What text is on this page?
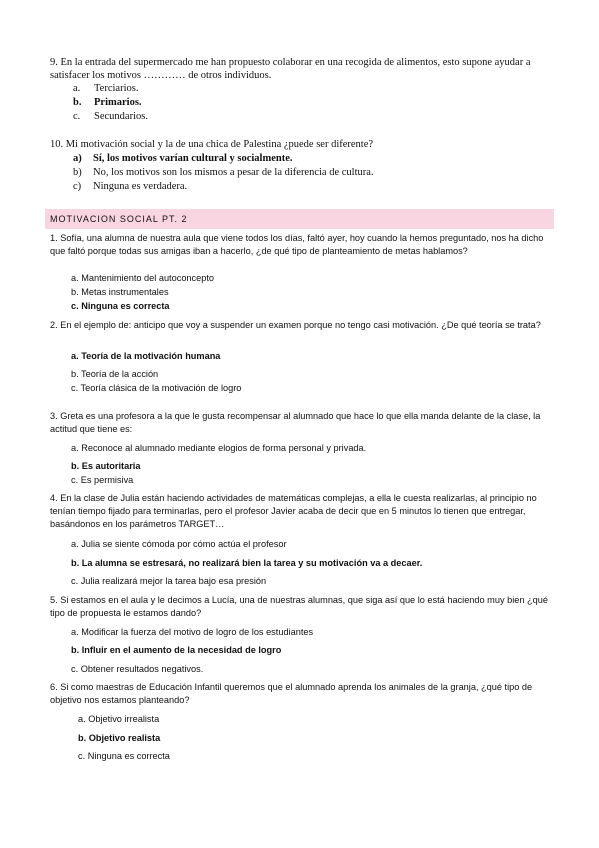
9. En la entrada del supermercado me han propuesto colaborar en una recogida de alimentos, esto supone ayudar a satisfacer los motivos ………… de otros individuos.
a. Terciarios.
b. Primarios.
c. Secundarios.
10. Mi motivación social y la de una chica de Palestina ¿puede ser diferente?
a) Sí, los motivos varían cultural y socialmente.
b) No, los motivos son los mismos a pesar de la diferencia de cultura.
c) Ninguna es verdadera.
MOTIVACION SOCIAL PT. 2
1. Sofía, una alumna de nuestra aula que viene todos los días, faltó ayer, hoy cuando la hemos preguntado, nos ha dicho que faltó porque todas sus amigas iban a hacerlo, ¿de qué tipo de planteamiento de metas hablamos?
a. Mantenimiento del autoconcepto
b. Metas instrumentales
c. Ninguna es correcta
2. En el ejemplo de: anticipo que voy a suspender un examen porque no tengo casi motivación. ¿De qué teoría se trata?
a. Teoría de la motivación humana
b. Teoría de la acción
c. Teoría clásica de la motivación de logro
3. Greta es una profesora a la que le gusta recompensar al alumnado que hace lo que ella manda delante de la clase, la actitud que tiene es:
a. Reconoce al alumnado mediante elogios de forma personal y privada.
b. Es autoritaria
c. Es permisiva
4. En la clase de Julia están haciendo actividades de matemáticas complejas, a ella le cuesta realizarlas, al principio no tenían tiempo fijado para terminarlas, pero el profesor Javier acaba de decir que en 5 minutos lo tienen que entregar, basándonos en los parámetros TARGET…
a. Julia se siente cómoda por cómo actúa el profesor
b. La alumna se estresará, no realizará bien la tarea y su motivación va a decaer.
c. Julia realizará mejor la tarea bajo esa presión
5. Si estamos en el aula y le decimos a Lucía, una de nuestras alumnas, que siga así que lo está haciendo muy bien ¿qué tipo de propuesta le estamos dando?
a. Modificar la fuerza del motivo de logro de los estudiantes
b. Influir en el aumento de la necesidad de logro
c. Obtener resultados negativos.
6. Si como maestras de Educación Infantil queremos que el alumnado aprenda los animales de la granja, ¿qué tipo de objetivo nos estamos planteando?
a. Objetivo irrealista
b. Objetivo realista
c. Ninguna es correcta
